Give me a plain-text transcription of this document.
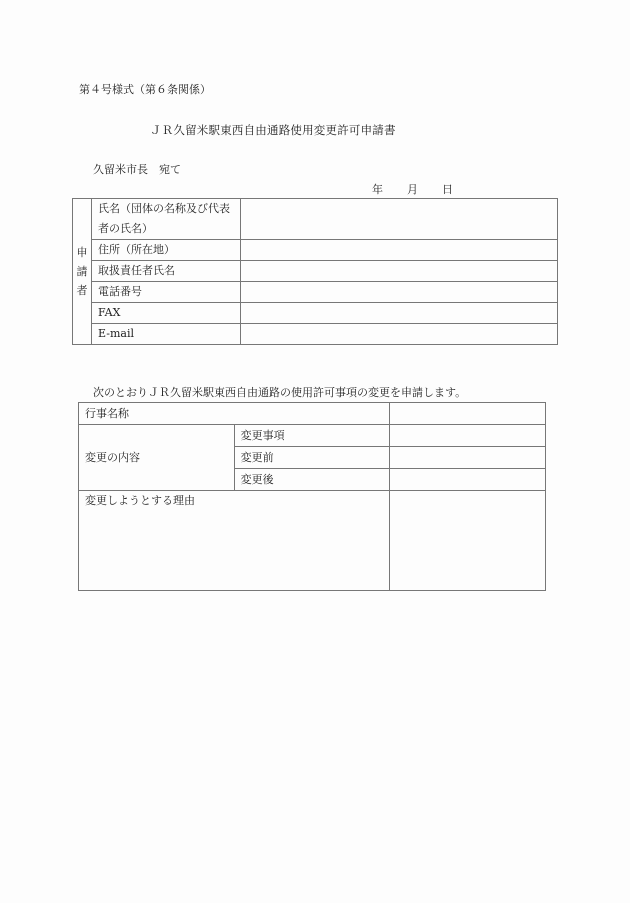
第４号様式（第６条関係）
ＪＲ久留米駅東西自由通路使用変更許可申請書
久留米市長　宛て
年 月 日
申
請
者	氏名（団体の名称及び代表者の氏名）	
	住所（所在地）	
	取扱責任者氏名	
	電話番号	
	FAX	
	E-mail	
次のとおりＪＲ久留米駅東西自由通路の使用許可事項の変更を申請します。
行事名称		
変更の内容	変更事項	
	変更前	
	変更後	
変更しようとする理由		
